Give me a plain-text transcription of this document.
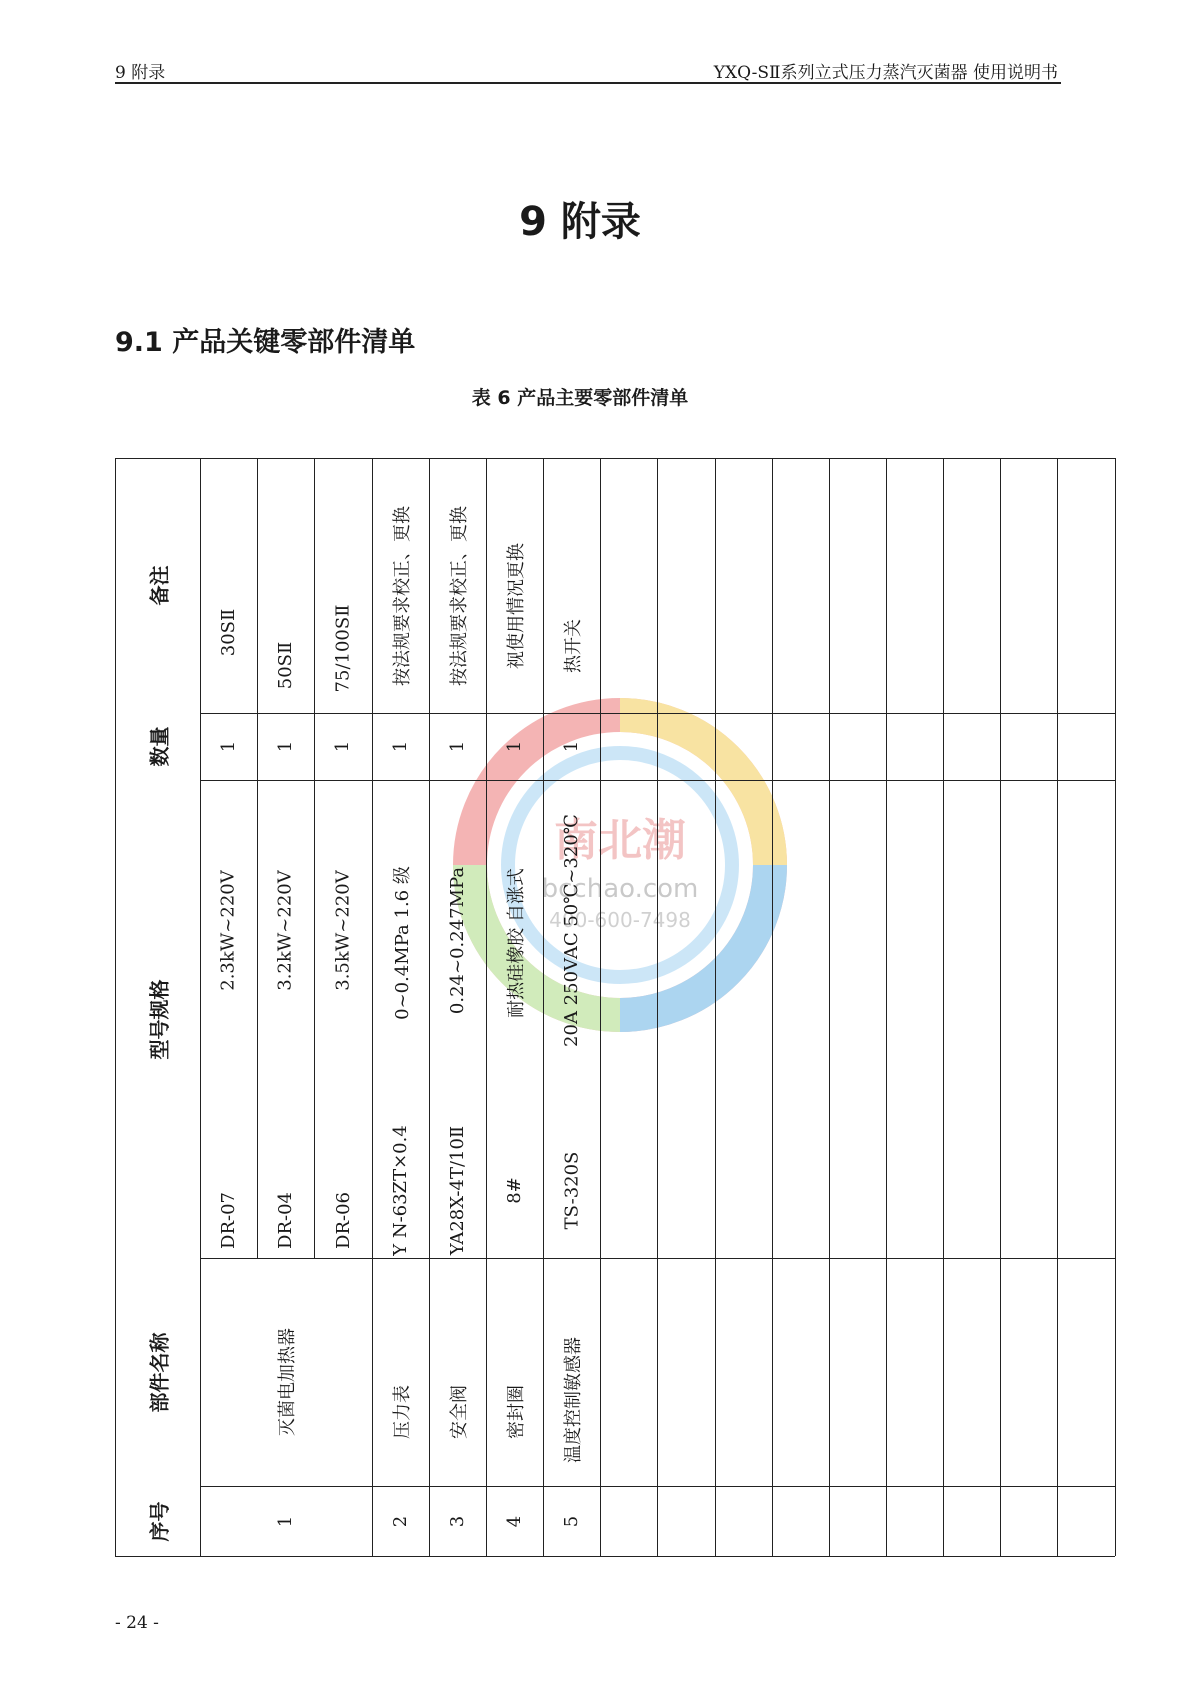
9 附录	YXQ-SⅡ系列立式压力蒸汽灭菌器 使用说明书
9 附录
9.1 产品关键零部件清单
表 6 产品主要零部件清单
南北潮
bcchao.com
400-600-7498
备注
数量
型号规格
部件名称
序号
30SⅡ
50SⅡ 75/100SⅡ
1 1 1
2.3kW~220V
DR-07
3.2kW~220V
DR-04
3.5kW~220V
DR-06
灭菌电加热器
1
按法规要求校正、更换
1
0~0.4MPa 1.6 级
Y N-63ZT×0.4
压力表
2
按法规要求校正、更换
1
0.24~0.247MPa
YA28X-4T/10Ⅱ
安全阀
3
视使用情况更换
1
耐热硅橡胶 自涨式
8#
密封圈
4
热开关
1
20A 250VAC 50℃~320℃
TS-320S
温度控制敏感器
5
- 24 -
